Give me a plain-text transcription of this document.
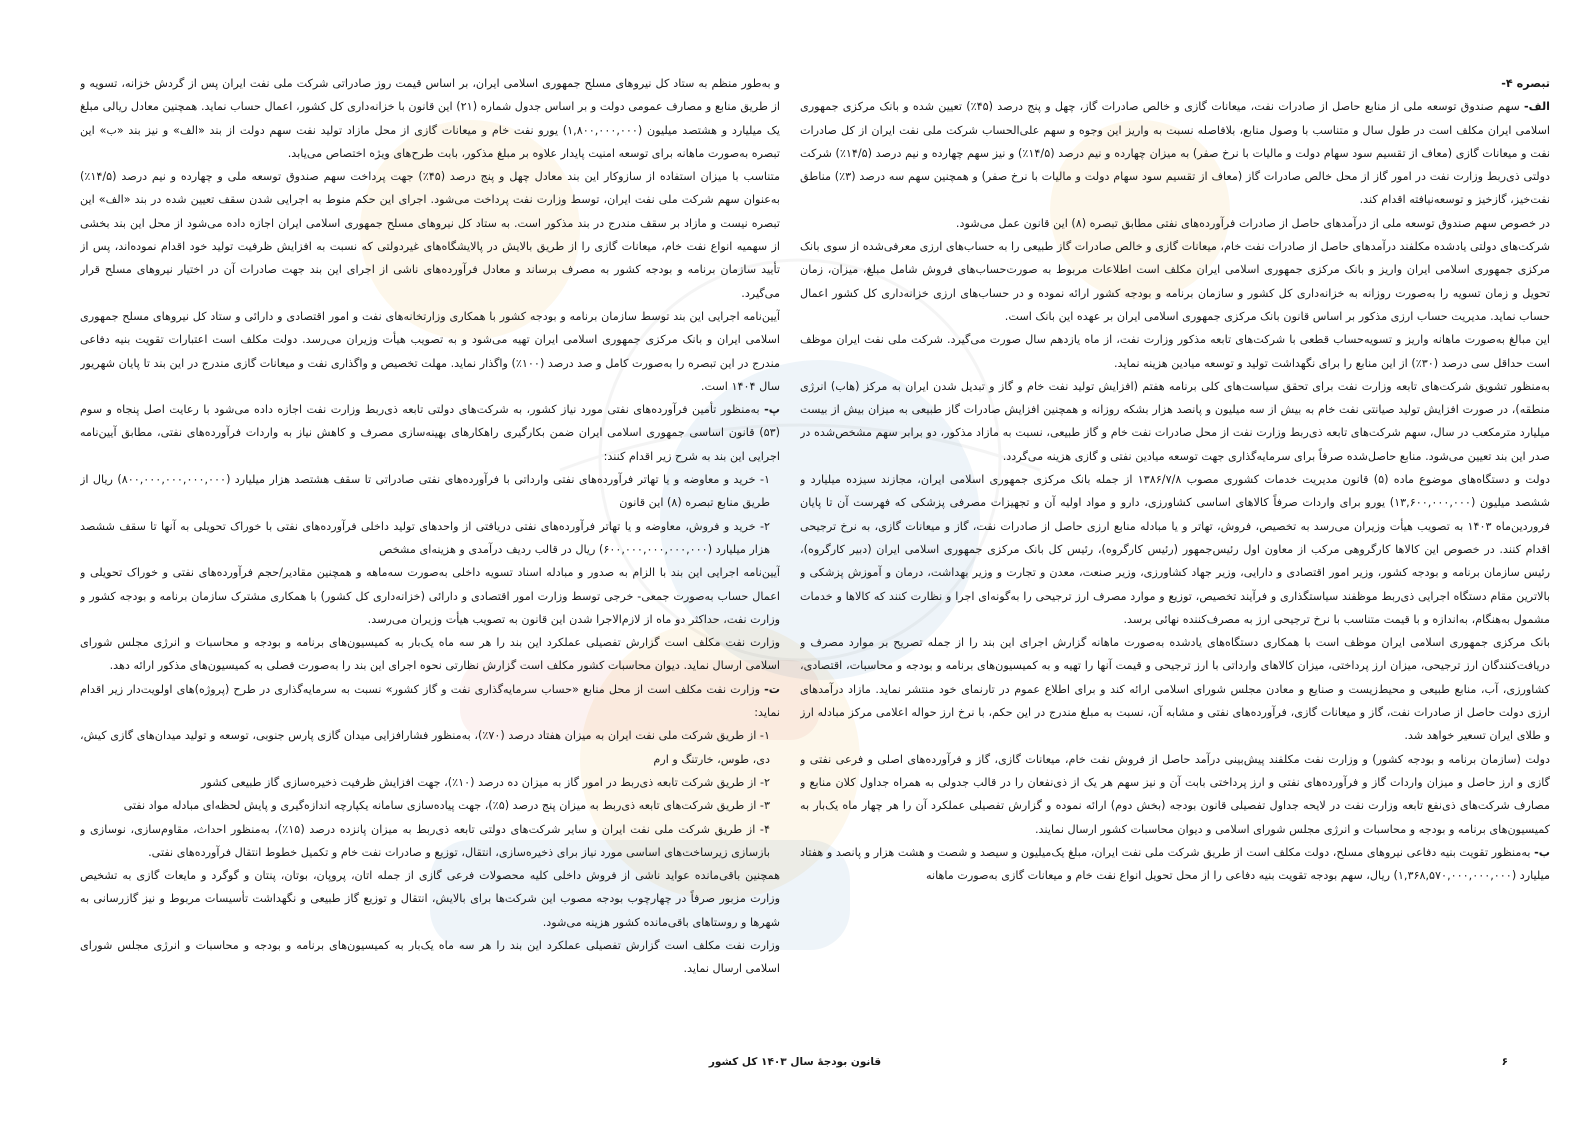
تبصره ۴-

الف- سهم صندوق توسعه ملی از منابع حاصل از صادرات نفت، میعانات گازی و خالص صادرات گاز، چهل و پنج درصد (۴۵٪) تعیین شده و بانک مرکزی جمهوری اسلامی ایران مکلف است در طول سال و متناسب با وصول منابع، بلافاصله نسبت به واریز این وجوه و سهم علی‌الحساب شرکت ملی نفت ایران از کل صادرات نفت و میعانات گازی (معاف از تقسیم سود سهام دولت و مالیات با نرخ صفر) به میزان چهارده و نیم درصد (۱۴/۵٪) و نیز سهم چهارده و نیم درصد (۱۴/۵٪) شرکت دولتی ذی‌ربط وزارت نفت در امور گاز از محل خالص صادرات گاز (معاف از تقسیم سود سهام دولت و مالیات با نرخ صفر) و همچنین سهم سه درصد (۳٪) مناطق نفت‌خیز، گازخیز و توسعه‌نیافته اقدام کند.

در خصوص سهم صندوق توسعه ملی از درآمدهای حاصل از صادرات فرآورده‌های نفتی مطابق تبصره (۸) این قانون عمل می‌شود.

شرکت‌های دولتی یادشده مکلفند درآمدهای حاصل از صادرات نفت خام، میعانات گازی و خالص صادرات گاز طبیعی را به حساب‌های ارزی معرفی‌شده از سوی بانک مرکزی جمهوری اسلامی ایران واریز و بانک مرکزی جمهوری اسلامی ایران مکلف است اطلاعات مربوط به صورت‌حساب‌های فروش شامل مبلغ، میزان، زمان تحویل و زمان تسویه را به‌صورت روزانه به خزانه‌داری کل کشور و سازمان برنامه و بودجه کشور ارائه نموده و در حساب‌های ارزی خزانه‌داری کل کشور اعمال حساب نماید. مدیریت حساب ارزی مذکور بر اساس قانون بانک مرکزی جمهوری اسلامی ایران بر عهده این بانک است.

این مبالغ به‌صورت ماهانه واریز و تسویه‌حساب قطعی با شرکت‌های تابعه مذکور وزارت نفت، از ماه یازدهم سال صورت می‌گیرد. شرکت ملی نفت ایران موظف است حداقل سی درصد (۳۰٪) از این منابع را برای نگهداشت تولید و توسعه میادین هزینه نماید.

به‌منظور تشویق شرکت‌های تابعه وزارت نفت برای تحقق سیاست‌های کلی برنامه هفتم (افزایش تولید نفت خام و گاز و تبدیل شدن ایران به مرکز (هاب) انرژی منطقه)، در صورت افزایش تولید صیانتی نفت خام به بیش از سه میلیون و پانصد هزار بشکه روزانه و همچنین افزایش صادرات گاز طبیعی به میزان بیش از بیست میلیارد مترمکعب در سال، سهم شرکت‌های تابعه ذی‌ربط وزارت نفت از محل صادرات نفت خام و گاز طبیعی، نسبت به مازاد مذکور، دو برابر سهم مشخص‌شده در صدر این بند تعیین می‌شود. منابع حاصل‌شده صرفاً برای سرمایه‌گذاری جهت توسعه میادین نفتی و گازی هزینه می‌گردد.

دولت و دستگاه‌های موضوع ماده (۵) قانون مدیریت خدمات کشوری مصوب ۱۳۸۶/۷/۸ از جمله بانک مرکزی جمهوری اسلامی ایران، مجازند سیزده میلیارد و ششصد میلیون (۱۳,۶۰۰,۰۰۰,۰۰۰) یورو برای واردات صرفاً کالاهای اساسی کشاورزی، دارو و مواد اولیه آن و تجهیزات مصرفی پزشکی که فهرست آن تا پایان فروردین‌ماه ۱۴۰۳ به تصویب هیأت وزیران می‌رسد به تخصیص، فروش، تهاتر و یا مبادله منابع ارزی حاصل از صادرات نفت، گاز و میعانات گازی، به نرخ ترجیحی اقدام کنند. در خصوص این کالاها کارگروهی مرکب از معاون اول رئیس‌جمهور (رئیس کارگروه)، رئیس کل بانک مرکزی جمهوری اسلامی ایران (دبیر کارگروه)، رئیس سازمان برنامه و بودجه کشور، وزیر امور اقتصادی و دارایی، وزیر جهاد کشاورزی، وزیر صنعت، معدن و تجارت و وزیر بهداشت، درمان و آموزش پزشکی و بالاترین مقام دستگاه اجرایی ذی‌ربط موظفند سیاستگذاری و فرآیند تخصیص، توزیع و موارد مصرف ارز ترجیحی را به‌گونه‌ای اجرا و نظارت کنند که کالاها و خدمات مشمول به‌هنگام، به‌اندازه و با قیمت متناسب با نرخ ترجیحی ارز به مصرف‌کننده نهائی برسد.

بانک مرکزی جمهوری اسلامی ایران موظف است با همکاری دستگاه‌های یادشده به‌صورت ماهانه گزارش اجرای این بند را از جمله تصریح بر موارد مصرف و دریافت‌کنندگان ارز ترجیحی، میزان ارز پرداختی، میزان کالاهای وارداتی با ارز ترجیحی و قیمت آنها را تهیه و به کمیسیون‌های برنامه و بودجه و محاسبات، اقتصادی، کشاورزی، آب، منابع طبیعی و محیط‌زیست و صنایع و معادن مجلس شورای اسلامی ارائه کند و برای اطلاع عموم در تارنمای خود منتشر نماید. مازاد درآمدهای ارزی دولت حاصل از صادرات نفت، گاز و میعانات گازی، فرآورده‌های نفتی و مشابه آن، نسبت به مبلغ مندرج در این حکم، با نرخ ارز حواله اعلامی مرکز مبادله ارز و طلای ایران تسعیر خواهد شد.

دولت (سازمان برنامه و بودجه کشور) و وزارت نفت مکلفند پیش‌بینی درآمد حاصل از فروش نفت خام، میعانات گازی، گاز و فرآورده‌های اصلی و فرعی نفتی و گازی و ارز حاصل و میزان واردات گاز و فرآورده‌های نفتی و ارز پرداختی بابت آن و نیز سهم هر یک از ذی‌نفعان را در قالب جدولی به همراه جداول کلان منابع و مصارف شرکت‌های ذی‌نفع تابعه وزارت نفت در لایحه جداول تفصیلی قانون بودجه (بخش دوم) ارائه نموده و گزارش تفصیلی عملکرد آن را هر چهار ماه یک‌بار به کمیسیون‌های برنامه و بودجه و محاسبات و انرژی مجلس شورای اسلامی و دیوان محاسبات کشور ارسال نمایند.

ب- به‌منظور تقویت بنیه دفاعی نیروهای مسلح، دولت مکلف است از طریق شرکت ملی نفت ایران، مبلغ یک‌میلیون و سیصد و شصت و هشت هزار و پانصد و هفتاد میلیارد (۱,۳۶۸,۵۷۰,۰۰۰,۰۰۰,۰۰۰) ریال، سهم بودجه تقویت بنیه دفاعی را از محل تحویل انواع نفت خام و میعانات گازی به‌صورت ماهانه

و به‌طور منظم به ستاد کل نیروهای مسلح جمهوری اسلامی ایران، بر اساس قیمت روز صادراتی شرکت ملی نفت ایران پس از گردش خزانه، تسویه و از طریق منابع و مصارف عمومی دولت و بر اساس جدول شماره (۲۱) این قانون با خزانه‌داری کل کشور، اعمال حساب نماید. همچنین معادل ریالی مبلغ یک میلیارد و هشتصد میلیون (۱,۸۰۰,۰۰۰,۰۰۰) یورو نفت خام و میعانات گازی از محل مازاد تولید نفت سهم دولت از بند «الف» و نیز بند «ب» این تبصره به‌صورت ماهانه برای توسعه امنیت پایدار علاوه بر مبلغ مذکور، بابت طرح‌های ویژه اختصاص می‌یابد.

متناسب با میزان استفاده از سازوکار این بند معادل چهل و پنج درصد (۴۵٪) جهت پرداخت سهم صندوق توسعه ملی و چهارده و نیم درصد (۱۴/۵٪) به‌عنوان سهم شرکت ملی نفت ایران، توسط وزارت نفت پرداخت می‌شود. اجرای این حکم منوط به اجرایی شدن سقف تعیین شده در بند «الف» این تبصره نیست و مازاد بر سقف مندرج در بند مذکور است. به ستاد کل نیروهای مسلح جمهوری اسلامی ایران اجازه داده می‌شود از محل این بند بخشی از سهمیه انواع نفت خام، میعانات گازی را از طریق بالایش در پالایشگاه‌های غیردولتی که نسبت به افزایش ظرفیت تولید خود اقدام نموده‌اند، پس از تأیید سازمان برنامه و بودجه کشور به مصرف برساند و معادل فرآورده‌های ناشی از اجرای این بند جهت صادرات آن در اختیار نیروهای مسلح قرار می‌گیرد.

آیین‌نامه اجرایی این بند توسط سازمان برنامه و بودجه کشور با همکاری وزارتخانه‌های نفت و امور اقتصادی و دارائی و ستاد کل نیروهای مسلح جمهوری اسلامی ایران و بانک مرکزی جمهوری اسلامی ایران تهیه می‌شود و به تصویب هیأت وزیران می‌رسد. دولت مکلف است اعتبارات تقویت بنیه دفاعی مندرج در این تبصره را به‌صورت کامل و صد درصد (۱۰۰٪) واگذار نماید. مهلت تخصیص و واگذاری نفت و میعانات گازی مندرج در این بند تا پایان شهریور سال ۱۴۰۴ است.

پ- به‌منظور تأمین فرآورده‌های نفتی مورد نیاز کشور، به شرکت‌های دولتی تابعه ذی‌ربط وزارت نفت اجازه داده می‌شود با رعایت اصل پنجاه و سوم (۵۳) قانون اساسی جمهوری اسلامی ایران ضمن بکارگیری راهکارهای بهینه‌سازی مصرف و کاهش نیاز به واردات فرآورده‌های نفتی، مطابق آیین‌نامه اجرایی این بند به شرح زیر اقدام کنند:

۱- خرید و معاوضه و یا تهاتر فرآورده‌های نفتی وارداتی با فرآورده‌های نفتی صادراتی تا سقف هشتصد هزار میلیارد (۸۰۰,۰۰۰,۰۰۰,۰۰۰,۰۰۰) ریال از طریق منابع تبصره (۸) این قانون

۲- خرید و فروش، معاوضه و یا تهاتر فرآورده‌های نفتی دریافتی از واحدهای تولید داخلی فرآورده‌های نفتی با خوراک تحویلی به آنها تا سقف ششصد هزار میلیارد (۶۰۰,۰۰۰,۰۰۰,۰۰۰,۰۰۰) ریال در قالب ردیف درآمدی و هزینه‌ای مشخص

آیین‌نامه اجرایی این بند با الزام به صدور و مبادله اسناد تسویه داخلی به‌صورت سه‌ماهه و همچنین مقادیر/حجم فرآورده‌های نفتی و خوراک تحویلی و اعمال حساب به‌صورت جمعی- خرجی توسط وزارت امور اقتصادی و دارائی (خزانه‌داری کل کشور) با همکاری مشترک سازمان برنامه و بودجه کشور و وزارت نفت، حداکثر دو ماه از لازم‌الاجرا شدن این قانون به تصویب هیأت وزیران می‌رسد.

وزارت نفت مکلف است گزارش تفصیلی عملکرد این بند را هر سه ماه یک‌بار به کمیسیون‌های برنامه و بودجه و محاسبات و انرژی مجلس شورای اسلامی ارسال نماید. دیوان محاسبات کشور مکلف است گزارش نظارتی نحوه اجرای این بند را به‌صورت فصلی به کمیسیون‌های مذکور ارائه دهد.

ت- وزارت نفت مکلف است از محل منابع «حساب سرمایه‌گذاری نفت و گاز کشور» نسبت به سرمایه‌گذاری در طرح (پروژه)‌های اولویت‌دار زیر اقدام نماید:

۱- از طریق شرکت ملی نفت ایران به میزان هفتاد درصد (۷۰٪)، به‌منظور فشارافزایی میدان گازی پارس جنوبی، توسعه و تولید میدان‌های گازی کیش، دی، طوس، خارتنگ و ارم

۲- از طریق شرکت تابعه ذی‌ربط در امور گاز به میزان ده درصد (۱۰٪)، جهت افزایش ظرفیت ذخیره‌سازی گاز طبیعی کشور

۳- از طریق شرکت‌های تابعه ذی‌ربط به میزان پنج درصد (۵٪)، جهت پیاده‌سازی سامانه یکپارچه اندازه‌گیری و پایش لحظه‌ای مبادله مواد نفتی

۴- از طریق شرکت ملی نفت ایران و سایر شرکت‌های دولتی تابعه ذی‌ربط به میزان پانزده درصد (۱۵٪)، به‌منظور احداث، مقاوم‌سازی، نوسازی و بازسازی زیرساخت‌های اساسی مورد نیاز برای ذخیره‌سازی، انتقال، توزیع و صادرات نفت خام و تکمیل خطوط انتقال فرآورده‌های نفتی.

همچنین باقی‌مانده عواید ناشی از فروش داخلی کلیه محصولات فرعی گازی از جمله اتان، پروپان، بوتان، پنتان و گوگرد و مایعات گازی به تشخیص وزارت مزبور صرفاً در چهارچوب بودجه مصوب این شرکت‌ها برای بالایش، انتقال و توزیع گاز طبیعی و نگهداشت تأسیسات مربوط و نیز گازرسانی به شهرها و روستاهای باقی‌مانده کشور هزینه می‌شود.

وزارت نفت مکلف است گزارش تفصیلی عملکرد این بند را هر سه ماه یک‌بار به کمیسیون‌های برنامه و بودجه و محاسبات و انرژی مجلس شورای اسلامی ارسال نماید.

قانون بودجهٔ سال ۱۴۰۳ کل کشور	۶
